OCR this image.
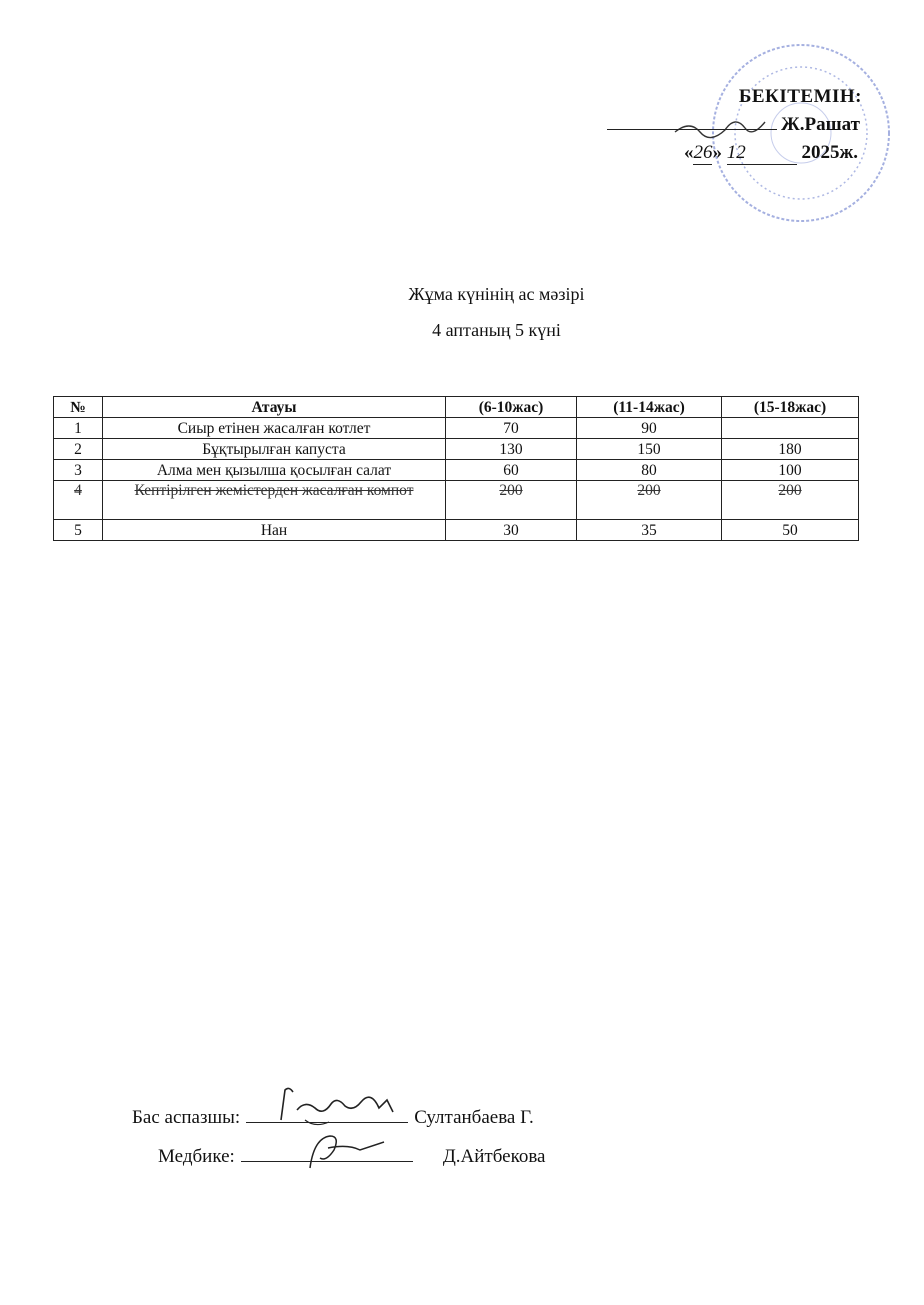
БЕКІТЕМІН:
Ж.Рашат
«26» 12	2025ж.
Жұма күнінің ас мәзірі
4 аптаның 5 күні
№	Атауы	(6-10жас)	(11-14жас)	(15-18жас)
1	Сиыр етінен жасалған котлет	70	90	
2	Бұқтырылған капуста	130	150	180
3	Алма мен қызылша қосылған салат	60	80	100
4	Кептірілген жемістерден жасалған компот	200	200	200
5	Нан	30	35	50
Бас аспазшы:	Султанбаева Г.
Медбике:	Д.Айтбекова
